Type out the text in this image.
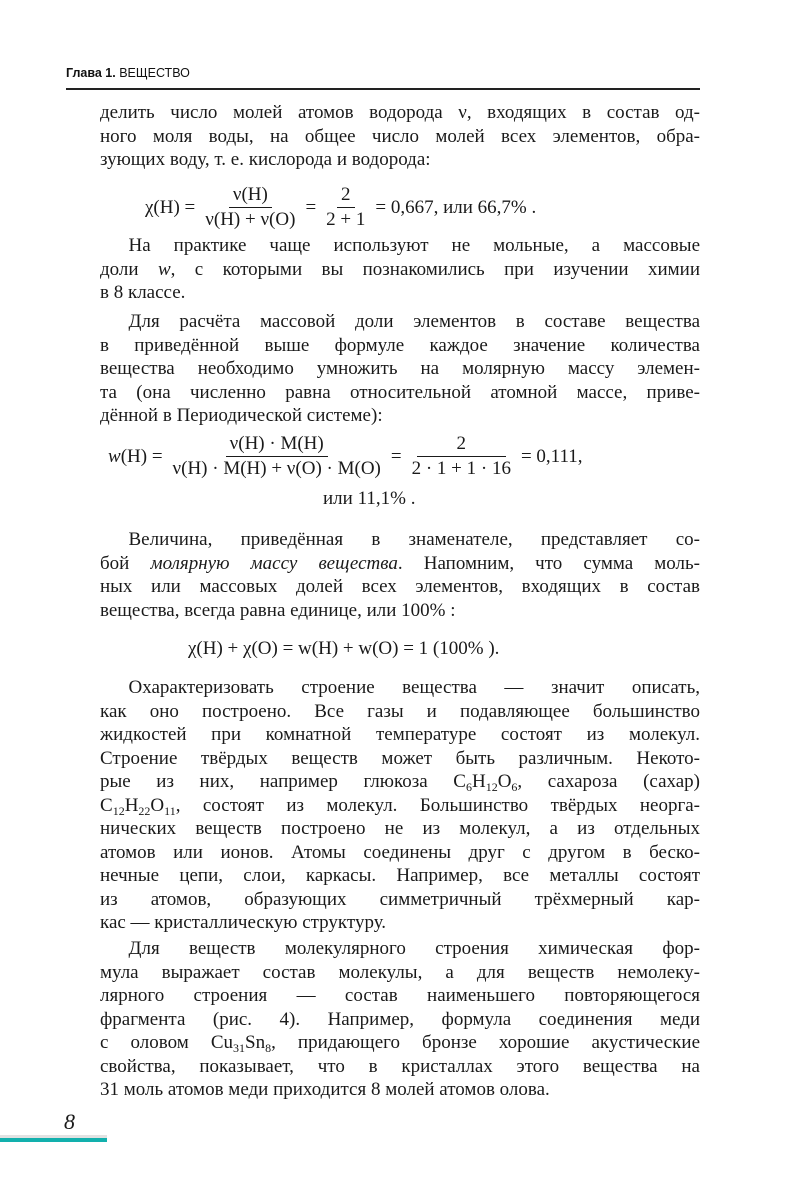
Глава 1. ВЕЩЕСТВО
делить число молей атомов водорода ν, входящих в состав од-
ного моля воды, на общее число молей всех элементов, обра-
зующих воду, т. е. кислорода и водорода:
$\chi(H) = \frac{\nu(H)}{\nu(H) + \nu(O)} = \frac{2}{2 + 1} = 0,667$, или 66,7% .
  На практике чаще используют не мольные, а массовые
доли w, с которыми вы познакомились при изучении химии
в 8 классе.
  Для расчёта массовой доли элементов в составе вещества
в приведённой выше формуле каждое значение количества
вещества необходимо умножить на молярную массу элемен-
та (она численно равна относительной атомной массе, приве-
дённой в Периодической системе):
w $(H) = \frac{\nu(H) \cdot M(H)}{\nu(H) \cdot M(H) + \nu(O) \cdot M(O)} = \frac{2}{2 \cdot 1 + 1 \cdot 16} = 0,111$,
или 11,1% .
  Величина, приведённая в знаменателе, представляет со-
бой молярную массу вещества. Напомним, что сумма моль-
ных или массовых долей всех элементов, входящих в состав
вещества, всегда равна единице, или 100% :
χ(H) + χ(O) = w(H) + w(O) = 1 (100% ).
  Охарактеризовать строение вещества — значит описать,
как оно построено. Все газы и подавляющее большинство
жидкостей при комнатной температуре состоят из молекул.
Строение твёрдых веществ может быть различным. Некото-
рые из них, например глюкоза $C_6H_{12}O_6$, сахароза (сахар)
$C_{12}H_{22}O_{11}$, состоят из молекул. Большинство твёрдых неорга-
нических веществ построено не из молекул, а из отдельных
атомов или ионов. Атомы соединены друг с другом в беско-
нечные цепи, слои, каркасы. Например, все металлы состоят
из атомов, образующих симметричный трёхмерный кар-
кас — кристаллическую структуру.
  Для веществ молекулярного строения химическая фор-
мула выражает состав молекулы, а для веществ немолеку-
лярного строения — состав наименьшего повторяющегося
фрагмента (рис. 4). Например, формула соединения меди
с оловом $Cu_{31}Sn_8$, придающего бронзе хорошие акустические
свойства, показывает, что в кристаллах этого вещества на
31 моль атомов меди приходится 8 молей атомов олова.
8
